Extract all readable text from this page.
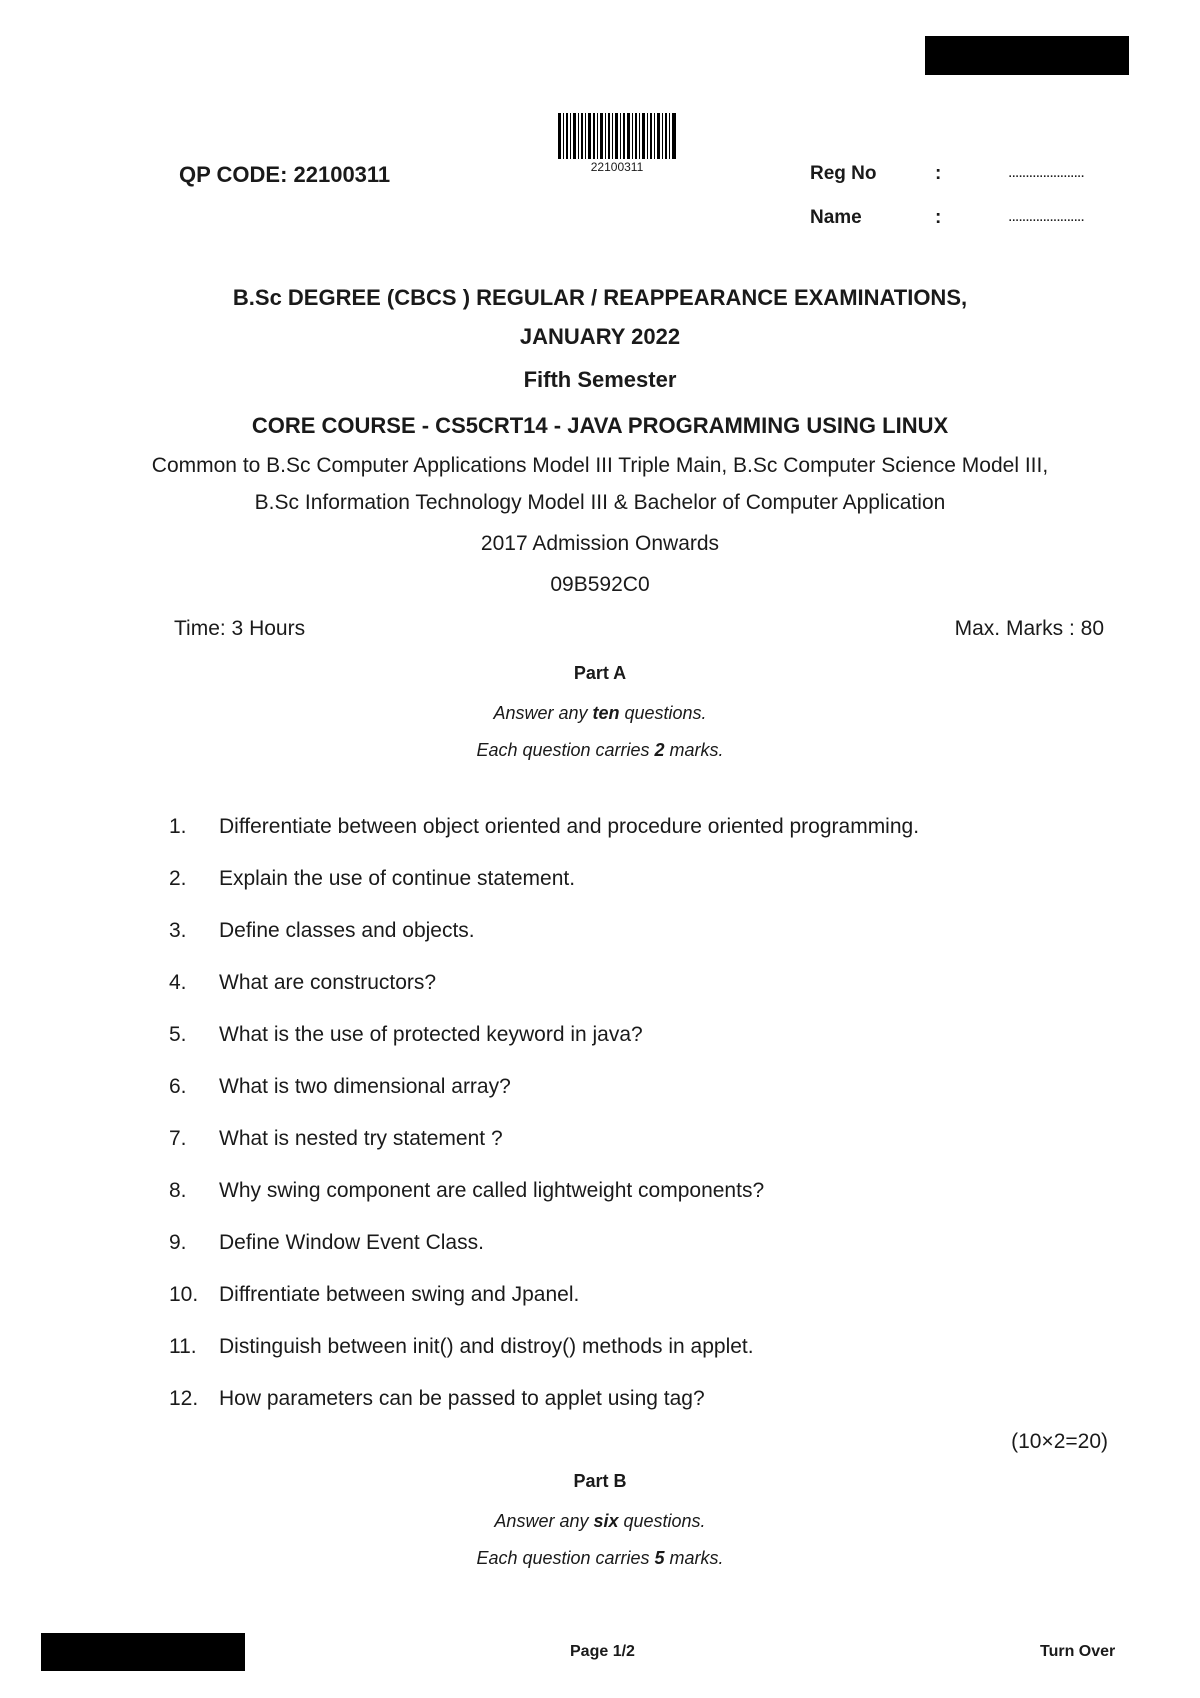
QP CODE: 22100311	22100311	Reg No	:	......................
Name	:	......................
B.Sc DEGREE (CBCS ) REGULAR / REAPPEARANCE EXAMINATIONS,
JANUARY 2022
Fifth Semester
CORE COURSE - CS5CRT14 - JAVA PROGRAMMING USING LINUX
Common to B.Sc Computer Applications Model III Triple Main, B.Sc Computer Science Model III,
B.Sc Information Technology Model III & Bachelor of Computer Application
2017 Admission Onwards
09B592C0
Time: 3 Hours	Max. Marks : 80
Part A
Answer any ten questions.
Each question carries 2 marks.
1.	Differentiate between object oriented and procedure oriented programming.
2.	Explain the use of continue statement.
3.	Define classes and objects.
4.	What are constructors?
5.	What is the use of protected keyword in java?
6.	What is two dimensional array?
7.	What is nested try statement ?
8.	Why swing component are called lightweight components?
9.	Define Window Event Class.
10. Diffrentiate between swing and Jpanel.
11.	Distinguish between init() and distroy() methods in applet.
12. How parameters can be passed to applet using tag?
(10×2=20)
Part B
Answer any six questions.
Each question carries 5 marks.
Page 1/2	Turn Over
